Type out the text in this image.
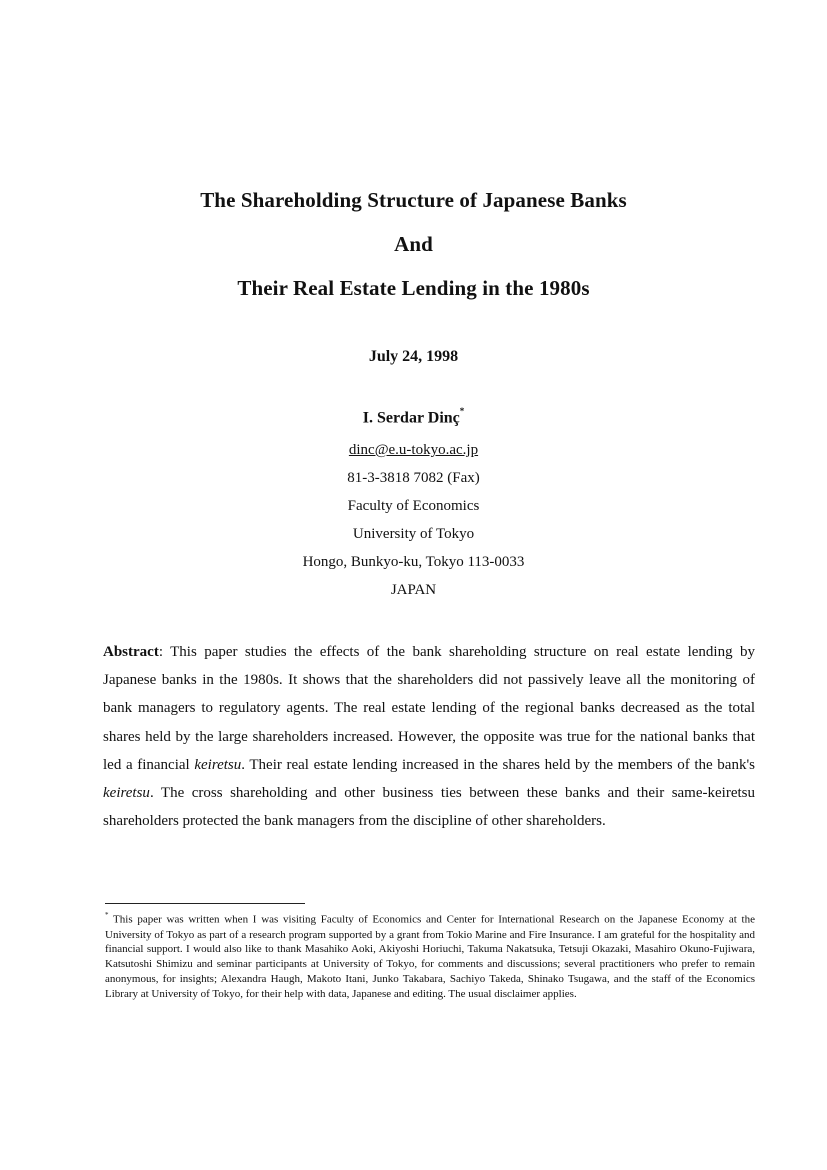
The Shareholding Structure of Japanese Banks
And
Their Real Estate Lending in the 1980s
July 24, 1998
I. Serdar Dinç*
dinc@e.u-tokyo.ac.jp
81-3-3818 7082 (Fax)
Faculty of Economics
University of Tokyo
Hongo, Bunkyo-ku, Tokyo 113-0033
JAPAN
Abstract: This paper studies the effects of the bank shareholding structure on real estate lending by Japanese banks in the 1980s. It shows that the shareholders did not passively leave all the monitoring of bank managers to regulatory agents. The real estate lending of the regional banks decreased as the total shares held by the large shareholders increased. However, the opposite was true for the national banks that led a financial keiretsu. Their real estate lending increased in the shares held by the members of the bank's keiretsu. The cross shareholding and other business ties between these banks and their same-keiretsu shareholders protected the bank managers from the discipline of other shareholders.
* This paper was written when I was visiting Faculty of Economics and Center for International Research on the Japanese Economy at the University of Tokyo as part of a research program supported by a grant from Tokio Marine and Fire Insurance. I am grateful for the hospitality and financial support. I would also like to thank Masahiko Aoki, Akiyoshi Horiuchi, Takuma Nakatsuka, Tetsuji Okazaki, Masahiro Okuno-Fujiwara, Katsutoshi Shimizu and seminar participants at University of Tokyo, for comments and discussions; several practitioners who prefer to remain anonymous, for insights; Alexandra Haugh, Makoto Itani, Junko Takabara, Sachiyo Takeda, Shinako Tsugawa, and the staff of the Economics Library at University of Tokyo, for their help with data, Japanese and editing. The usual disclaimer applies.
